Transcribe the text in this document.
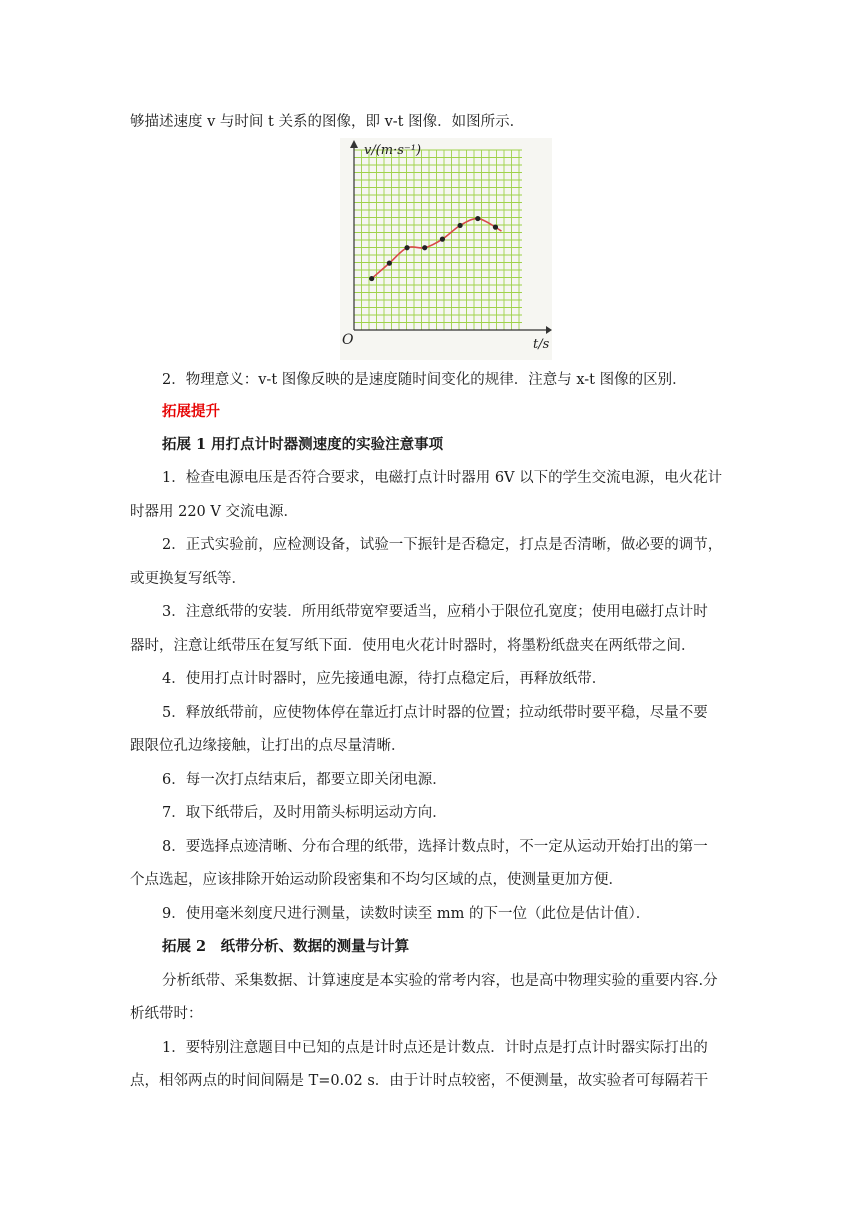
够描述速度 v 与时间 t 关系的图像，即 v-t 图像．如图所示．
v/(m·s⁻¹)
t/s
O
2．物理意义：v-t 图像反映的是速度随时间变化的规律．注意与 x-t 图像的区别．
拓展提升
拓展 1 用打点计时器测速度的实验注意事项
1．检查电源电压是否符合要求，电磁打点计时器用 6V 以下的学生交流电源，电火花计
时器用 220 V 交流电源．
2．正式实验前，应检测设备，试验一下振针是否稳定，打点是否清晰，做必要的调节，
或更换复写纸等．
3．注意纸带的安装．所用纸带宽窄要适当，应稍小于限位孔宽度；使用电磁打点计时
器时，注意让纸带压在复写纸下面．使用电火花计时器时，将墨粉纸盘夹在两纸带之间．
4．使用打点计时器时，应先接通电源，待打点稳定后，再释放纸带．
5．释放纸带前，应使物体停在靠近打点计时器的位置；拉动纸带时要平稳，尽量不要
跟限位孔边缘接触，让打出的点尽量清晰．
6．每一次打点结束后，都要立即关闭电源．
7．取下纸带后，及时用箭头标明运动方向．
8．要选择点迹清晰、分布合理的纸带，选择计数点时，不一定从运动开始打出的第一
个点选起，应该排除开始运动阶段密集和不均匀区域的点，使测量更加方便．
9．使用毫米刻度尺进行测量，读数时读至 mm 的下一位（此位是估计值）．
拓展 2　纸带分析、数据的测量与计算
分析纸带、采集数据、计算速度是本实验的常考内容，也是高中物理实验的重要内容.分
析纸带时：
1．要特别注意题目中已知的点是计时点还是计数点．计时点是打点计时器实际打出的
点，相邻两点的时间间隔是 T=0.02 s．由于计时点较密，不便测量，故实验者可每隔若干
